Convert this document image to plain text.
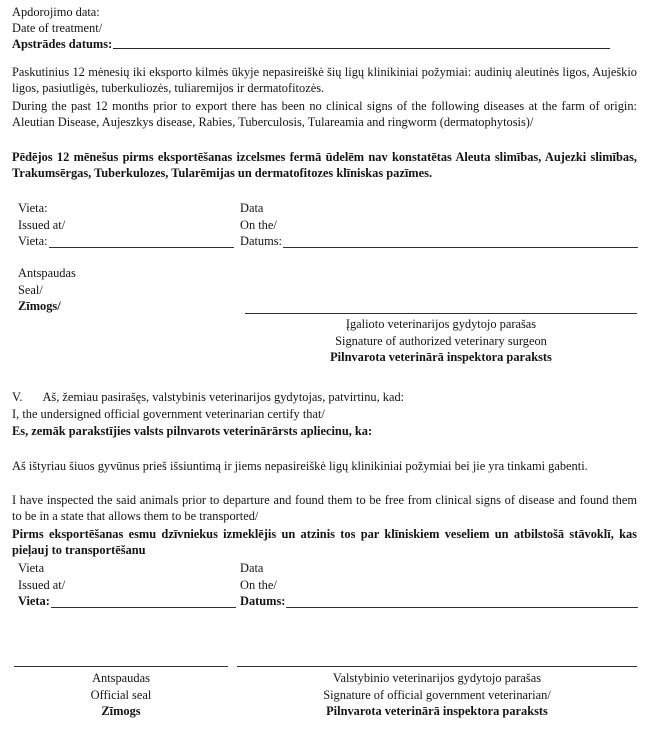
Apdorojimo data:
Date of treatment/
Apstrādes datums:
Paskutinius 12 mėnesių iki eksporto kilmės ūkyje nepasireiškė šių ligų klinikiniai požymiai: audinių aleutinės ligos, Auješkio ligos, pasiutligės, tuberkuliozės, tuliaremijos ir dermatofitozės.
During the past 12 months prior to export there has been no clinical signs of the following diseases at the farm of origin: Aleutian Disease, Aujeszkys disease, Rabies, Tuberculosis, Tulareamia and ringworm (dermatophytosis)/
Pēdējos 12 mēnešus pirms eksportēšanas izcelsmes fermā ūdelēm nav konstatētas Aleuta slimības, Aujezki slimības, Trakumsērgas, Tuberkulozes, Tularēmijas un dermatofitozes klīniskas pazīmes.
Vieta:
Issued at/
Vieta:
Data
On the/
Datums:
Antspaudas
Seal/
Zīmogs/
Įgalioto veterinarijos gydytojo parašas
Signature of authorized veterinary surgeon
Pilnvarota veterinārā inspektora paraksts
V. Aš, žemiau pasirašęs, valstybinis veterinarijos gydytojas, patvirtinu, kad:
I, the undersigned official government veterinarian certify that/
Es, zemāk parakstījies valsts pilnvarots veterinārārsts apliecinu, ka:
Aš ištyriau šiuos gyvūnus prieš išsiuntimą ir jiems nepasireiškė ligų klinikiniai požymiai bei jie yra tinkami gabenti.
I have inspected the said animals prior to departure and found them to be free from clinical signs of disease and found them to be in a state that allows them to be transported/
Pirms eksportēšanas esmu dzīvniekus izmeklējis un atzinis tos par klīniskiem veseliem un atbilstošā stāvoklī, kas pieļauj to transportēšanu
Vieta
Issued at/
Vieta:
Data
On the/
Datums:
Antspaudas
Official seal
Zīmogs
Valstybinio veterinarijos gydytojo parašas
Signature of official government veterinarian/
Pilnvarota veterinārā inspektora paraksts
